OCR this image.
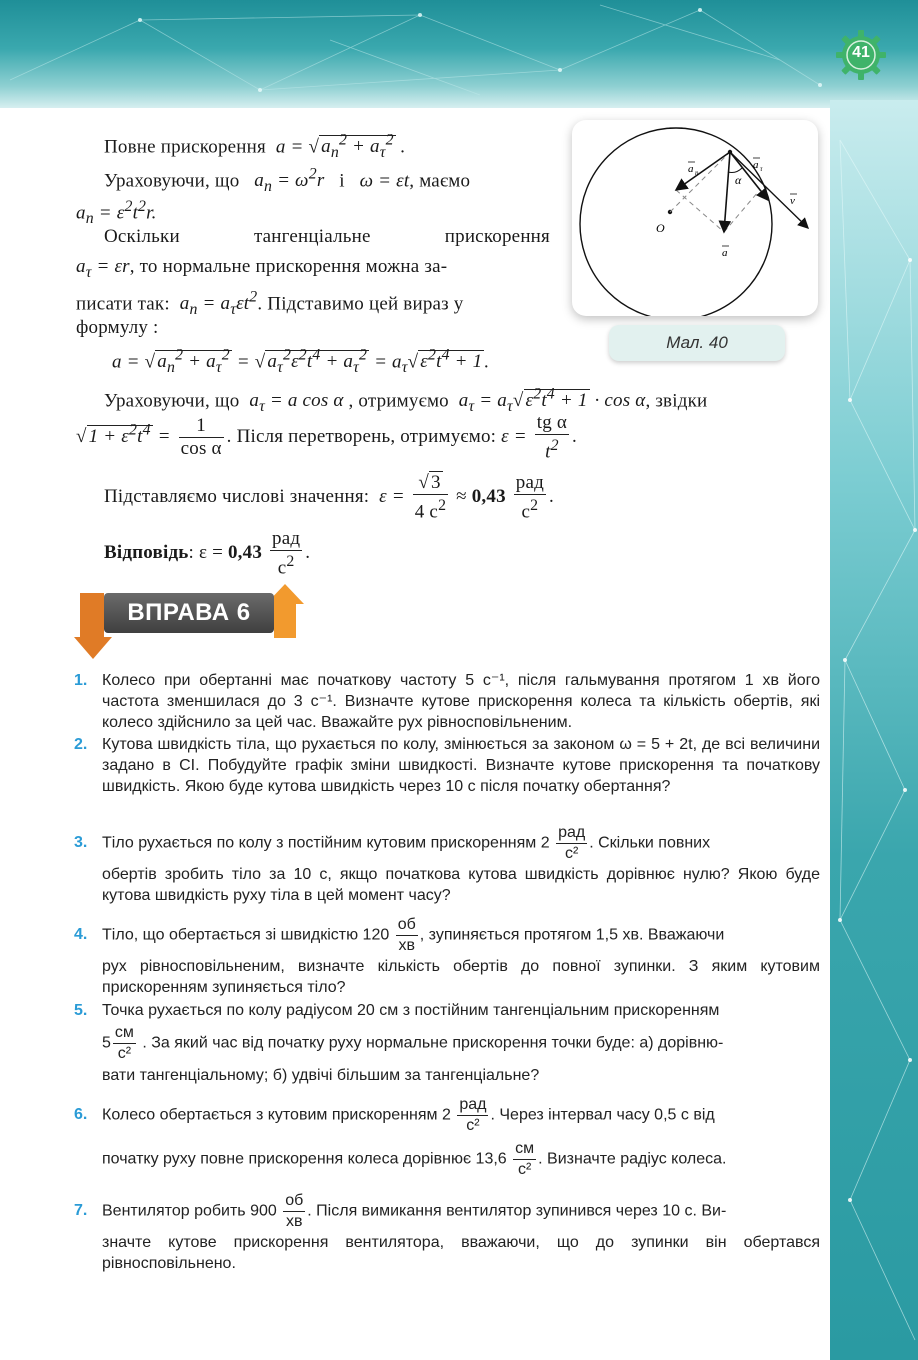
41
a n
a τ
v
α
O
a
Мал. 40
Повне прискорення  a = √ $a_n^2 + a_\tau^2$ .
Ураховуючи, що   $a_n = \omega^2r$   і   ω = εt, маємо
$a_n = \varepsilon^2t^2r$.
Оскільки	тангенціальне	прискорення
$a_\tau = \varepsilon r$, то нормальне прискорення можна за-
писати так:  $a_n = a_\tau\varepsilon t^2$. Підставимо цей вираз у
формулу :
a = √ $a_n^2 + a_\tau^2$ = √ $a_\tau^2\varepsilon^2t^4 + a_\tau^2 = a_\tau√$ $\varepsilon^2t^4 + 1$ .
Ураховуючи, що  $a_\tau = a$ cos α , отримуємо  $a_\tau = a_\tau√$ $\varepsilon^2t^4 + 1 \cdot \cos \alpha$, звідки
√ $1 + \varepsilon^2t^4 = \frac{1}{\text{cos α}}$ . Після перетворень, отримуємо: $\varepsilon = \frac{\text{tg α}}{t^2}$ .
Підставляємо числові значення:  $\varepsilon = \frac{√ 3}{4 с^2} \approx 0,43 \frac{\text{рад}}{с^2}$ .
Відповідь: $\varepsilon = 0,43 \frac{\text{рад}}{с^2}$ .
ВПРАВА 6
1. Колесо при обертанні має початкову частоту 5 с⁻¹, після гальмування протягом 1 хв його частота зменшилася до 3 с⁻¹. Визначте кутове прискорення колеса та кількість обертів, які колесо здійснило за цей час. Вважайте рух рівносповільненим.
2. Кутова швидкість тіла, що рухається по колу, змінюється за законом ω = 5 + 2t, де всі величини задано в СІ. Побудуйте графік зміни швидкості. Визначте кутове прискорення та початкову швидкість. Якою буде кутова швидкість через 10 с після початку обертання?
3. Тіло рухається по колу з постійним кутовим прискоренням $2 \frac{\text{рад}}{\text{с²}}$ . Скільки повних
обертів зробить тіло за 10 с, якщо початкова кутова швидкість дорівнює нулю? Якою буде кутова швидкість руху тіла в цей момент часу?
4. Тіло, що обертається зі швидкістю $120 \frac{об}{хв}$ , зупиняється протягом 1,5 хв. Вважаючи
рух рівносповільненим, визначте кількість обертів до повної зупинки. З яким кутовим прискоренням зупиняється тіло?
5. Точка рухається по колу радіусом 20 см з постійним тангенціальним прискоренням
$5 \frac{см}{\text{с²}}$ . За який час від початку руху нормальне прискорення точки буде: а) дорівню-
вати тангенціальному; б) удвічі більшим за тангенціальне?
6. Колесо обертається з кутовим прискоренням $2 \frac{\text{рад}}{\text{с²}}$ . Через інтервал часу 0,5 с від
початку руху повне прискорення колеса дорівнює $13,6 \frac{см}{\text{с²}}$ . Визначте радіус колеса.
7. Вентилятор робить $900 \frac{об}{хв}$ . Після вимикання вентилятор зупинився через 10 с. Ви-
значте кутове прискорення вентилятора, вважаючи, що до зупинки він обертався рівносповільнено.
